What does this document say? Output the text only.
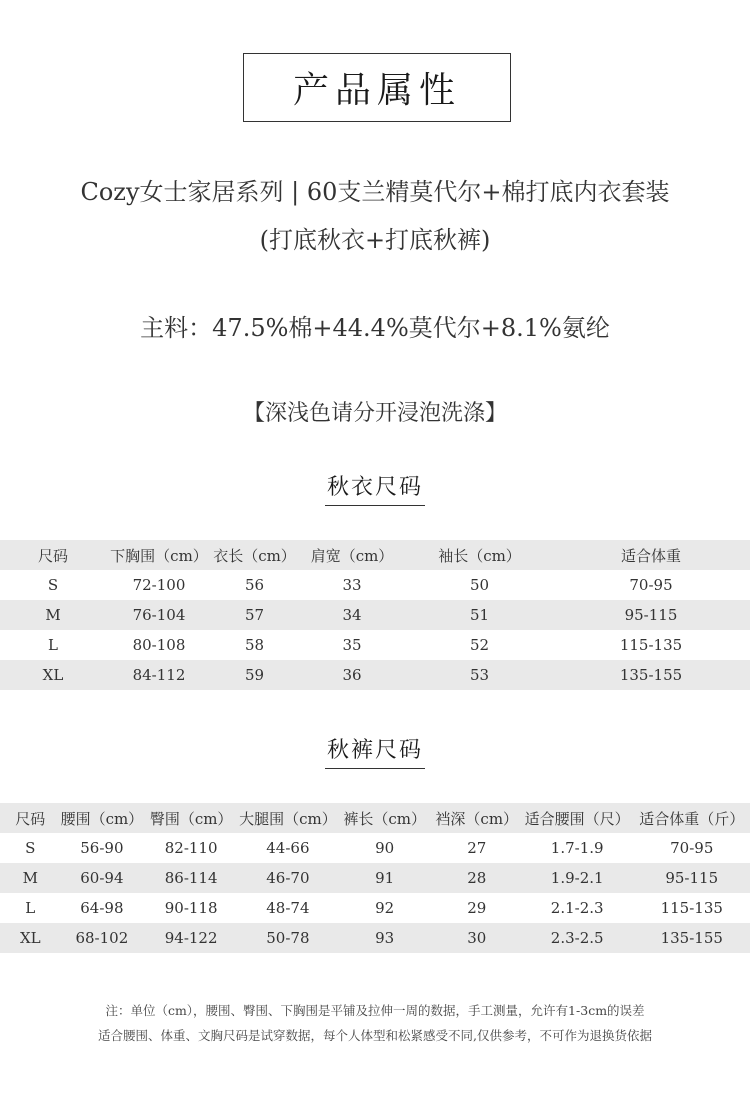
产品属性
Cozy女士家居系列 | 60支兰精莫代尔+棉打底内衣套装
(打底秋衣+打底秋裤)
主料：47.5%棉+44.4%莫代尔+8.1%氨纶
【深浅色请分开浸泡洗涤】
秋衣尺码
尺码	下胸围（cm）	衣长（cm）	肩宽（cm）	袖长（cm）	适合体重
S	72-100	56	33	50	70-95
M	76-104	57	34	51	95-115
L	80-108	58	35	52	115-135
XL	84-112	59	36	53	135-155
秋裤尺码
尺码	腰围（cm）	臀围（cm）	大腿围（cm）	裤长（cm）	裆深（cm）	适合腰围（尺）	适合体重（斤）
S	56-90	82-110	44-66	90	27	1.7-1.9	70-95
M	60-94	86-114	46-70	91	28	1.9-2.1	95-115
L	64-98	90-118	48-74	92	29	2.1-2.3	115-135
XL	68-102	94-122	50-78	93	30	2.3-2.5	135-155
注：单位（cm），腰围、臀围、下胸围是平铺及拉伸一周的数据，手工测量，允许有1-3cm的误差
适合腰围、体重、文胸尺码是试穿数据，每个人体型和松紧感受不同,仅供参考，不可作为退换货依据
